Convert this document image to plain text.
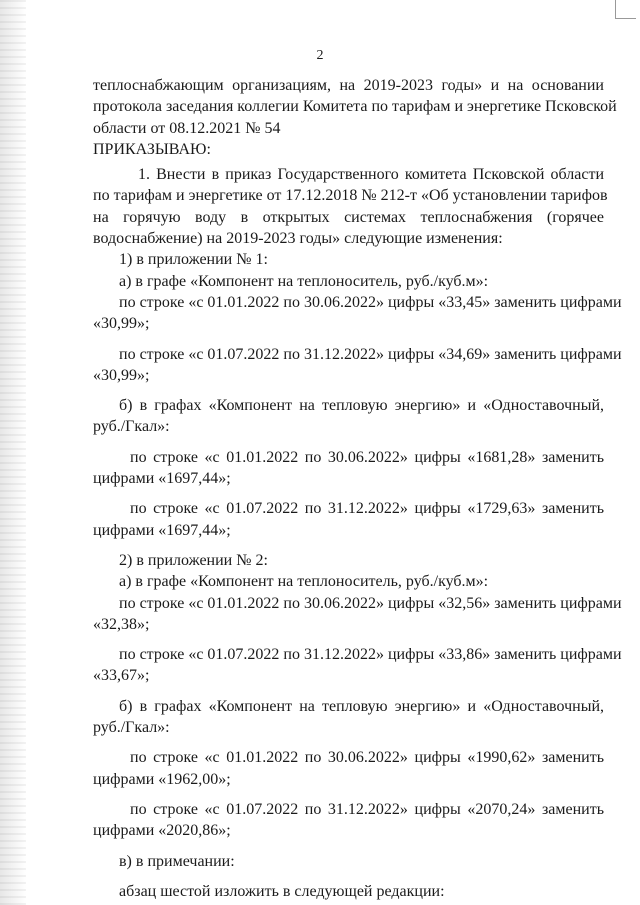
2
теплоснабжающим организациям, на 2019-2023 годы» и на основании
протокола заседания коллегии Комитета по тарифам и энергетике Псковской
области от 08.12.2021 № 54
ПРИКАЗЫВАЮ:
1. Внести в приказ Государственного комитета Псковской области
по тарифам и энергетике от 17.12.2018 № 212-т «Об установлении тарифов
на горячую воду в открытых системах теплоснабжения (горячее
водоснабжение) на 2019-2023 годы» следующие изменения:
1) в приложении № 1:
а) в графе «Компонент на теплоноситель, руб./куб.м»:
по строке «с 01.01.2022 по 30.06.2022» цифры «33,45» заменить цифрами
«30,99»;
по строке «с 01.07.2022 по 31.12.2022» цифры «34,69» заменить цифрами
«30,99»;
б) в графах «Компонент на тепловую энергию» и «Одноставочный,
руб./Гкал»:
по строке «с 01.01.2022 по 30.06.2022» цифры «1681,28» заменить
цифрами «1697,44»;
по строке «с 01.07.2022 по 31.12.2022» цифры «1729,63» заменить
цифрами «1697,44»;
2) в приложении № 2:
а) в графе «Компонент на теплоноситель, руб./куб.м»:
по строке «с 01.01.2022 по 30.06.2022» цифры «32,56» заменить цифрами
«32,38»;
по строке «с 01.07.2022 по 31.12.2022» цифры «33,86» заменить цифрами
«33,67»;
б) в графах «Компонент на тепловую энергию» и «Одноставочный,
руб./Гкал»:
по строке «с 01.01.2022 по 30.06.2022» цифры «1990,62» заменить
цифрами «1962,00»;
по строке «с 01.07.2022 по 31.12.2022» цифры «2070,24» заменить
цифрами «2020,86»;
в) в примечании:
абзац шестой изложить в следующей редакции:
